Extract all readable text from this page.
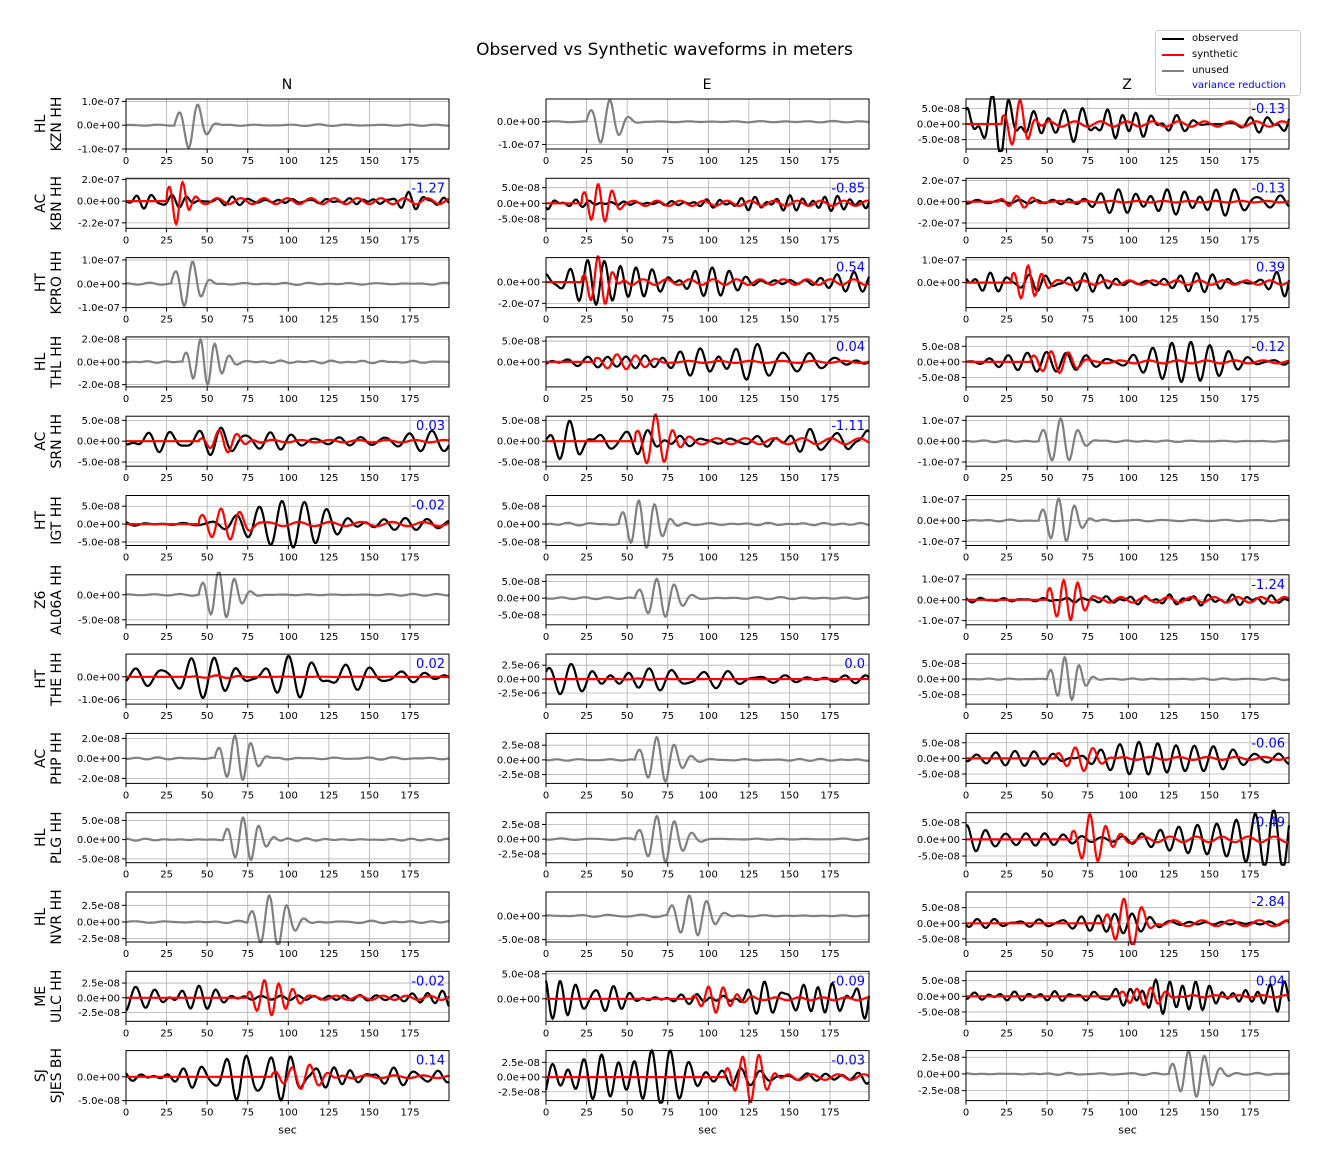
Observed vs Synthetic waveforms in meters
N	E	Z
HL KZN HH 1.0e-07
0.0e+00
-1.0e-07
0	25	50	75 100 125 150 175
0.0e+00
-1.0e-07
0	25	50	75 100 125 150 175
-0.13
5.0e-08
0.0e+00
-5.0e-08
0	25	50	75 100 125 150 175
AC KBN HH	-1.27
2.0e-07
0.0e+00
-2.2e-07
0	25	50	75 100 125 150 175
-0.85
5.0e-08
0.0e+00
-5.0e-08
0	25	50	75 100 125 150 175
-0.13
2.0e-07
0.0e+00
-2.0e-07
0	25	50	75 100 125 150 175
HT KPRO HH 1.0e-07
0.0e+00
-1.0e-07
0	25	50	75 100 125 150 175
0.54
0.0e+00
-2.0e-07
0	25	50	75 100 125 150 175
0.39
1.0e-07
0.0e+00
0	25	50	75 100 125 150 175
HL THL HH 2.0e-08
0.0e+00
-2.0e-08
0	25	50	75 100 125 150 175
0.04
5.0e-08
0.0e+00
0	25	50	75 100 125 150 175
-0.12
5.0e-08
0.0e+00
-5.0e-08
0	25	50	75 100 125 150 175
AC SRN HH	0.03
5.0e-08
0.0e+00
-5.0e-08
0	25	50	75 100 125 150 175
-1.11
5.0e-08
0.0e+00
-5.0e-08
0	25	50	75 100 125 150 175
1.0e-07
0.0e+00
-1.0e-07
0	25	50	75 100 125 150 175
HT IGT HH	-0.02
5.0e-08
0.0e+00
-5.0e-08
0	25	50	75 100 125 150 175
5.0e-08
0.0e+00
-5.0e-08
0	25	50	75 100 125 150 175
1.0e-07
0.0e+00
-1.0e-07
0	25	50	75 100 125 150 175
Z6 AL06A HH 0.0e+00
-5.0e-08
0	25	50	75 100 125 150 175
5.0e-08
0.0e+00
-5.0e-08
0	25	50	75 100 125 150 175
-1.24
1.0e-07
0.0e+00
-1.0e-07
0	25	50	75 100 125 150 175
HT THE HH	0.02
0.0e+00
-1.0e-06
0	25	50	75 100 125 150 175
0.0
2.5e-06
0.0e+00
-2.5e-06
0	25	50	75 100 125 150 175
5.0e-08
0.0e+00
-5.0e-08
0	25	50	75 100 125 150 175
AC PHP HH 2.0e-08
0.0e+00
-2.0e-08
0	25	50	75 100 125 150 175
2.5e-08
0.0e+00
-2.5e-08
0	25	50	75 100 125 150 175
-0.06
5.0e-08
0.0e+00
-5.0e-08
0	25	50	75 100 125 150 175
HL PLG HH 5.0e-08
0.0e+00
-5.0e-08
0	25	50	75 100 125 150 175
2.5e-08
0.0e+00
-2.5e-08
0	25	50	75 100 125 150 175
-0.49
5.0e-08
0.0e+00
-5.0e-08
0	25	50	75 100 125 150 175
HL NVR HH 2.5e-08
0.0e+00
-2.5e-08
0	25	50	75 100 125 150 175
0.0e+00
-5.0e-08
0	25	50	75 100 125 150 175
-2.84
5.0e-08
0.0e+00
-5.0e-08
0	25	50	75 100 125 150 175
ME ULC HH	-0.02
2.5e-08
0.0e+00
-2.5e-08
0	25	50	75 100 125 150 175
-0.09
5.0e-08
0.0e+00
0	25	50	75 100 125 150 175
0.04
5.0e-08
0.0e+00
-5.0e-08
0	25	50	75 100 125 150 175
SJ SJES BH	0.14
0.0e+00
-5.0e-08
0	25	50	75 100 125 150 175
sec
-0.03
2.5e-08
0.0e+00
-2.5e-08
0	25	50	75 100 125 150 175
sec
2.5e-08
0.0e+00
-2.5e-08
0	25	50	75 100 125 150 175
sec
observed
synthetic
unused
variance reduction
